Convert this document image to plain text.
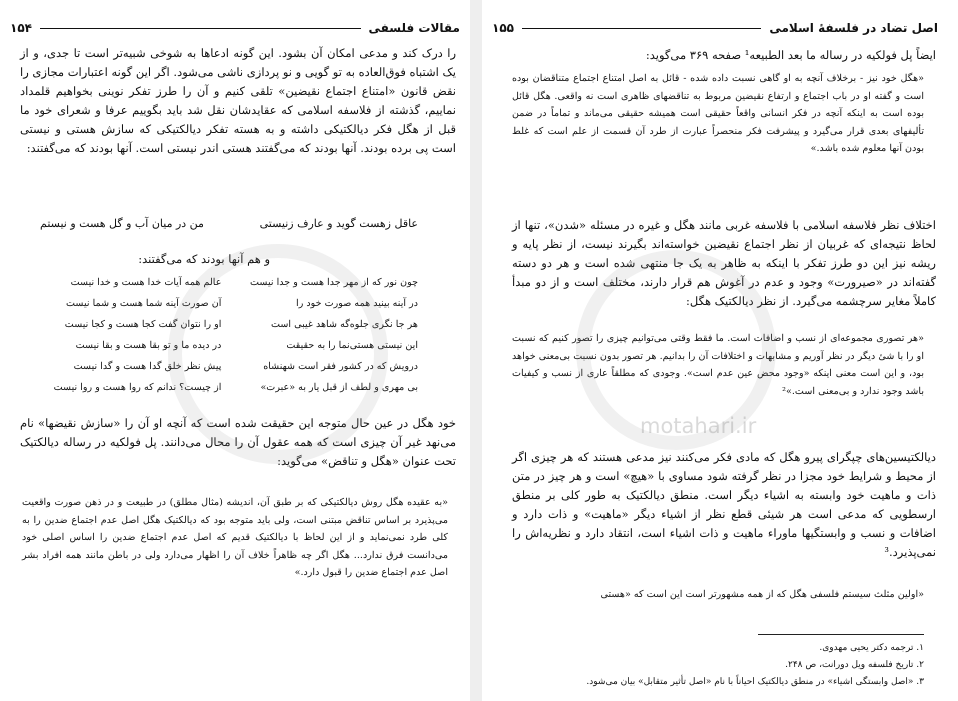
مقالات فلسفی
۱۵۴

را درک کند و مدعی امکان آن بشود. این گونه ادعاها به شوخی شبیه‌تر است تا جدی، و از یک اشتباه فوق‌العاده به تو گویی و نو پردازی ناشی می‌شود. اگر این گونه اعتبارات مجازی را نقض قانون «امتناع اجتماع نقیضین» تلقی کنیم و آن را طرز تفکر نوینی بخواهیم قلمداد نماییم، گذشته از فلاسفه اسلامی که عقایدشان نقل شد باید بگوییم عرفا و شعرای خود ما قبل از هگل فکر دیالکتیکی داشته و به هسته تفکر دیالکتیکی که سازش هستی و نیستی است پی برده بودند. آنها بودند که می‌گفتند هستی اندر نیستی است. آنها بودند که می‌گفتند:

عاقل زهست گوید و عارف زنیستی
من در میان آب و گل هست و نیستم

و هم آنها بودند که می‌گفتند:

چون نور که از مهر جدا هست و جدا نیست
عالم همه آیات خدا هست و خدا نیست
در آینه بینید همه صورت خود را
آن صورت آینه شما هست و شما نیست
هر جا نگری جلوه‌گه شاهد غیبی است
او را نتوان گفت کجا هست و کجا نیست
این نیستی هستی‌نما را به حقیقت
در دیده ما و تو بقا هست و بقا نیست
درویش که در کشور فقر است شهنشاه
پیش نظر خلق گدا هست و گدا نیست
بی مهری و لطف از قبل یار به «عبرت»
از چیست؟ ندانم که روا هست و روا نیست

خود هگل در عین حال متوجه این حقیقت شده است که آنچه او آن را «سازش نقیضها» نام می‌نهد غیر آن چیزی است که همه عقول آن را محال می‌دانند. پل فولکیه در رساله دیالکتیک تحت عنوان «هگل و تناقض» می‌گوید:

«به عقیده هگل روش دیالکتیکی که بر طبق آن، اندیشه (مثال مطلق) در طبیعت و در ذهن صورت واقعیت می‌پذیرد بر اساس تناقض مبتنی است، ولی باید متوجه بود که دیالکتیک هگل اصل عدم اجتماع ضدین را به کلی طرد نمی‌نماید و از این لحاظ با دیالکتیک قدیم که اصل عدم اجتماع ضدین را اساس اصلی خود می‌دانست فرق ندارد... هگل اگر چه ظاهراً خلاف آن را اظهار می‌دارد ولی در باطن مانند همه افراد بشر اصل عدم اجتماع ضدین را قبول دارد.»

اصل تضاد در فلسفهٔ اسلامی
۱۵۵

ایضاً پل فولکیه در رساله ما بعد الطبیعه¹ صفحه ۳۶۹ می‌گوید:

«هگل خود نیز - برخلاف آنچه به او گاهی نسبت داده شده - قائل به اصل امتناع اجتماع متناقضان بوده است و گفته او در باب اجتماع و ارتفاع نقیضین مربوط به تناقضهای ظاهری است نه واقعی. هگل قائل بوده است به اینکه آنچه در فکر انسانی واقعاً حقیقی است همیشه حقیقی می‌ماند و تماماً در ضمن تألیفهای بعدی قرار می‌گیرد و پیشرفت فکر منحصراً عبارت از طرد آن قسمت از علم است که غلط بودن آنها معلوم شده باشد.»

اختلاف نظر فلاسفه اسلامی با فلاسفه غربی مانند هگل و غیره در مسئله «شدن»، تنها از لحاظ نتیجه‌ای که غربیان از نظر اجتماع نقیضین خواسته‌اند بگیرند نیست، از نظر پایه و ریشه نیز این دو طرز تفکر با اینکه به ظاهر به یک جا منتهی شده است و هر دو دسته گفته‌اند در «صیرورت» وجود و عدم در آغوش هم قرار دارند، مختلف است و از دو مبدأ کاملاً مغایر سرچشمه می‌گیرد. از نظر دیالکتیک هگل:

«هر تصوری مجموعه‌ای از نسب و اضافات است. ما فقط وقتی می‌توانیم چیزی را تصور کنیم که نسبت او را با شئ دیگر در نظر آوریم و مشابهات و اختلافات آن را بدانیم. هر تصور بدون نسبت بی‌معنی خواهد بود، و این است معنی اینکه «وجود محض عین عدم است». وجودی که مطلقاً عاری از نسب و کیفیات باشد وجود ندارد و بی‌معنی است.»²

دیالکتیسین‌های چپگرای پیرو هگل که مادی فکر می‌کنند نیز مدعی هستند که هر چیزی اگر از محیط و شرایط خود مجزا در نظر گرفته شود مساوی با «هیچ» است و هر چیز در متن ذات و ماهیت خود وابسته به اشیاء دیگر است. منطق دیالکتیک به طور کلی بر منطق ارسطویی که مدعی است هر شیئی قطع نظر از اشیاء دیگر «ماهیت» و ذات دارد و اضافات و نسب و وابستگیها ماوراء ماهیت و ذات اشیاء است، انتقاد دارد و نظریه‌اش را نمی‌پذیرد.³

«اولین مثلث سیستم فلسفی هگل که از همه مشهورتر است این است که «هستی

۱. ترجمه دکتر یحیی مهدوی.
۲. تاریخ فلسفه ویل دورانت، ص ۲۴۸.
۳. «اصل وابستگی اشیاء» در منطق دیالکتیک احیاناً با نام «اصل تأثیر متقابل» بیان می‌شود.
motahari.ir
